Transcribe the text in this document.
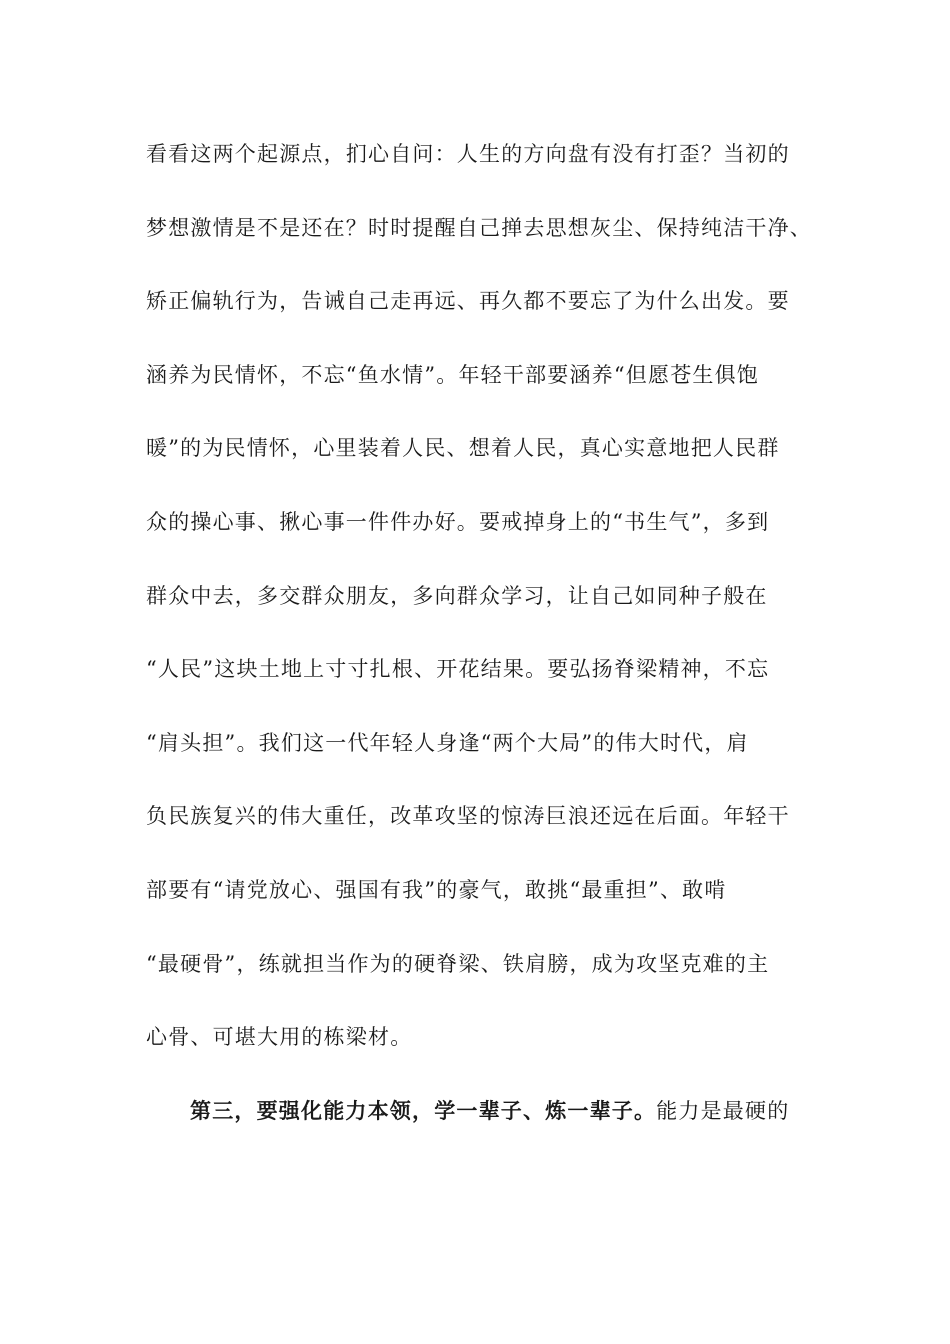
看看这两个起源点，扪心自问：人生的方向盘有没有打歪？当初的
梦想激情是不是还在？时时提醒自己掸去思想灰尘、保持纯洁干净、
矫正偏轨行为，告诫自己走再远、再久都不要忘了为什么出发。要
涵养为民情怀，不忘“鱼水情”。年轻干部要涵养“但愿苍生俱饱
暖”的为民情怀，心里装着人民、想着人民，真心实意地把人民群
众的操心事、揪心事一件件办好。要戒掉身上的“书生气”，多到
群众中去，多交群众朋友，多向群众学习，让自己如同种子般在
“人民”这块土地上寸寸扎根、开花结果。要弘扬脊梁精神，不忘
“肩头担”。我们这一代年轻人身逢“两个大局”的伟大时代，肩
负民族复兴的伟大重任，改革攻坚的惊涛巨浪还远在后面。年轻干
部要有“请党放心、强国有我”的豪气，敢挑“最重担”、敢啃
“最硬骨”，练就担当作为的硬脊梁、铁肩膀，成为攻坚克难的主
心骨、可堪大用的栋梁材。
第三，要强化能力本领，学一辈子、炼一辈子。能力是最硬的
